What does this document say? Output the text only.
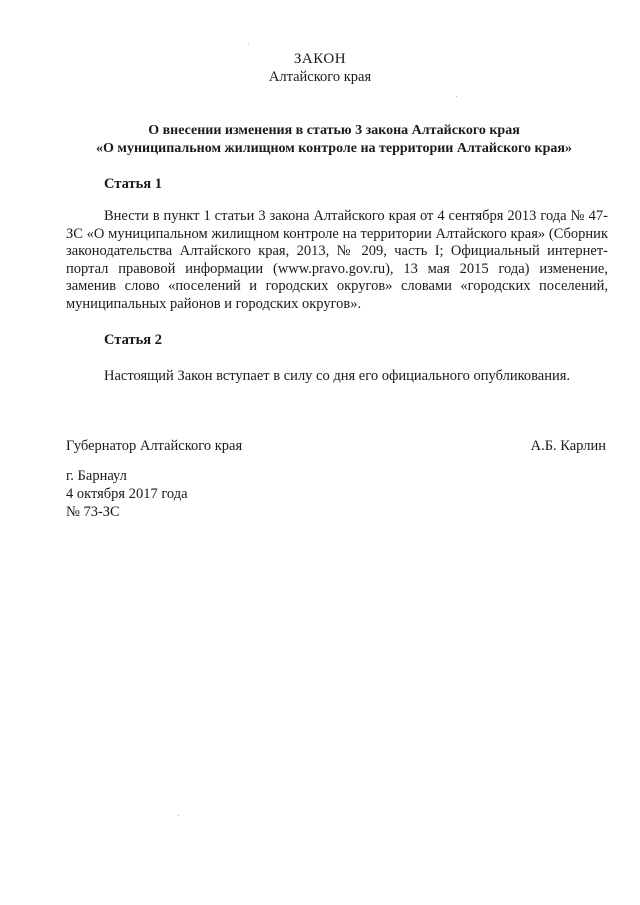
ЗАКОН
Алтайского края
О внесении изменения в статью 3 закона Алтайского края
«О муниципальном жилищном контроле на территории Алтайского края»
Статья 1
Внести в пункт 1 статьи 3 закона Алтайского края от 4 сентября 2013 года № 47-ЗС «О муниципальном жилищном контроле на территории Алтайского края» (Сборник законодательства Алтайского края, 2013, № 209, часть I; Официальный интернет-портал правовой информации (www.pravo.gov.ru), 13 мая 2015 года) изменение, заменив слово «поселений и городских округов» словами «городских поселений, муниципальных районов и городских округов».
Статья 2
Настоящий Закон вступает в силу со дня его официального опубликования.
Губернатор Алтайского края	А.Б. Карлин
г. Барнаул
4 октября 2017 года
№ 73-ЗС
